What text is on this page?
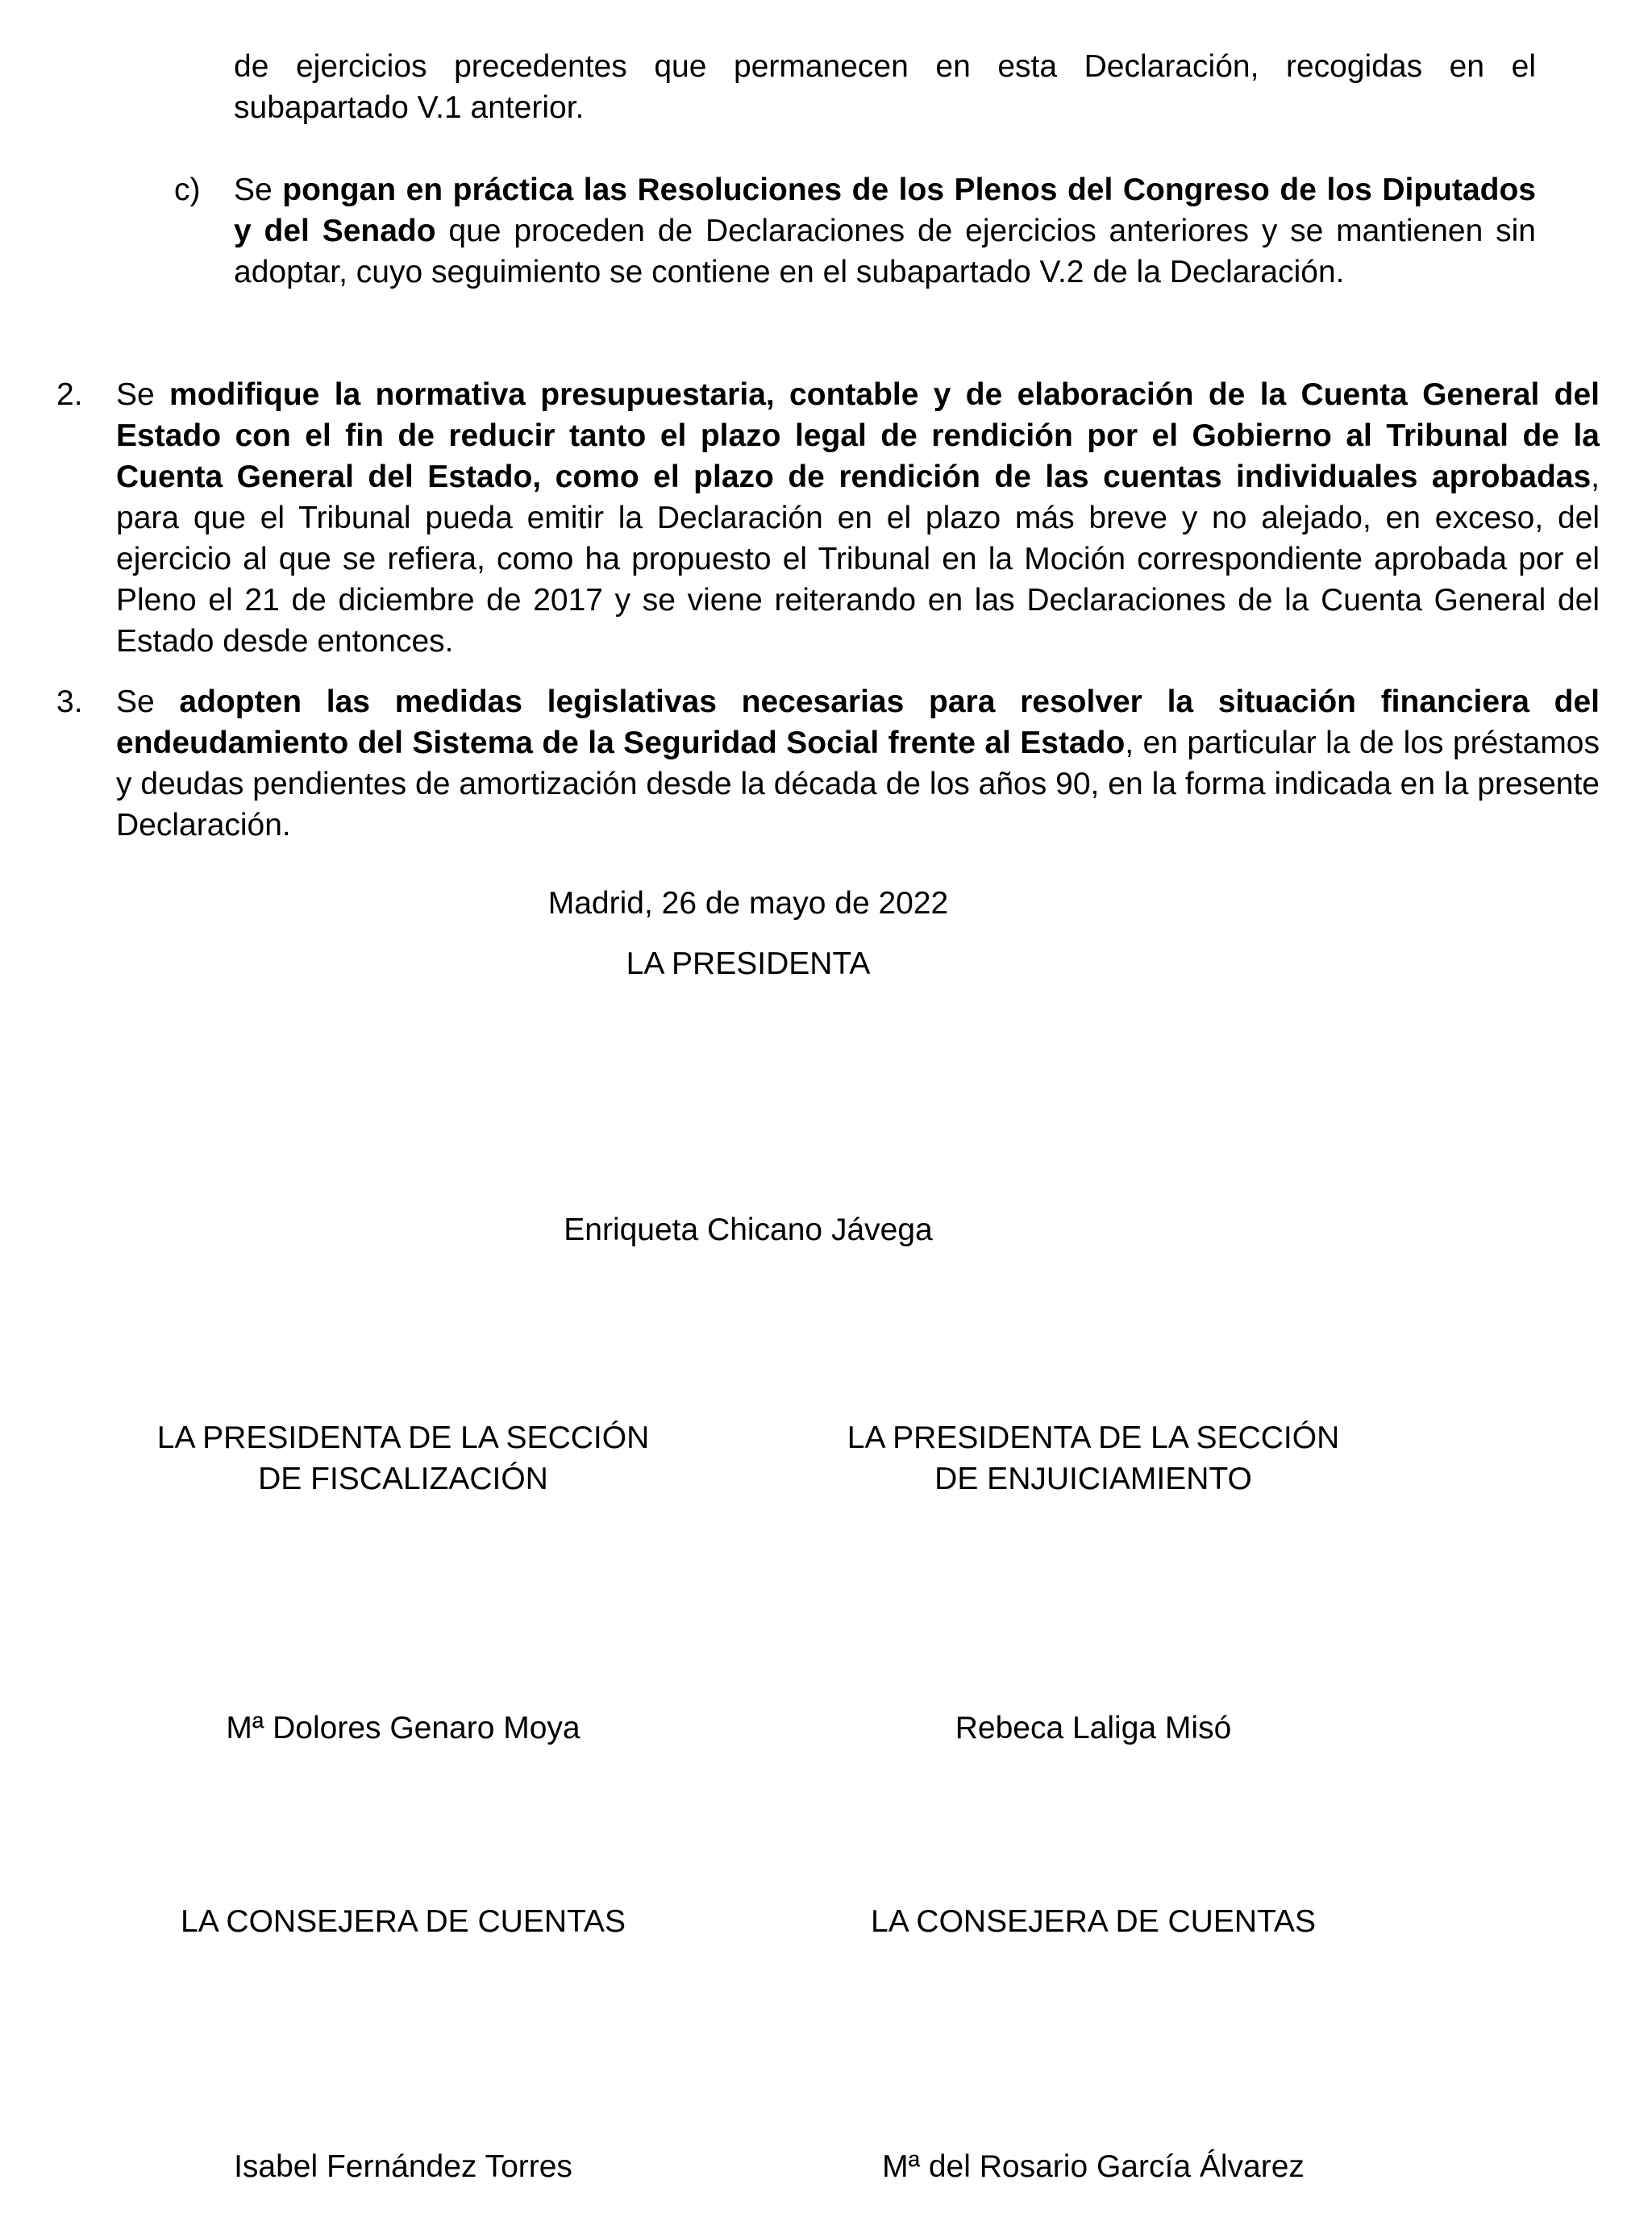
de ejercicios precedentes que permanecen en esta Declaración, recogidas en el subapartado V.1 anterior.
c) Se pongan en práctica las Resoluciones de los Plenos del Congreso de los Diputados y del Senado que proceden de Declaraciones de ejercicios anteriores y se mantienen sin adoptar, cuyo seguimiento se contiene en el subapartado V.2 de la Declaración.
2. Se modifique la normativa presupuestaria, contable y de elaboración de la Cuenta General del Estado con el fin de reducir tanto el plazo legal de rendición por el Gobierno al Tribunal de la Cuenta General del Estado, como el plazo de rendición de las cuentas individuales aprobadas, para que el Tribunal pueda emitir la Declaración en el plazo más breve y no alejado, en exceso, del ejercicio al que se refiera, como ha propuesto el Tribunal en la Moción correspondiente aprobada por el Pleno el 21 de diciembre de 2017 y se viene reiterando en las Declaraciones de la Cuenta General del Estado desde entonces.
3. Se adopten las medidas legislativas necesarias para resolver la situación financiera del endeudamiento del Sistema de la Seguridad Social frente al Estado, en particular la de los préstamos y deudas pendientes de amortización desde la década de los años 90, en la forma indicada en la presente Declaración.
Madrid, 26 de mayo de 2022
LA PRESIDENTA
Enriqueta Chicano Jávega
LA PRESIDENTA DE LA SECCIÓN
DE FISCALIZACIÓN
LA PRESIDENTA DE LA SECCIÓN
DE ENJUICIAMIENTO
Mª Dolores Genaro Moya	Rebeca Laliga Misó
LA CONSEJERA DE CUENTAS	LA CONSEJERA DE CUENTAS
Isabel Fernández Torres	Mª del Rosario García Álvarez
